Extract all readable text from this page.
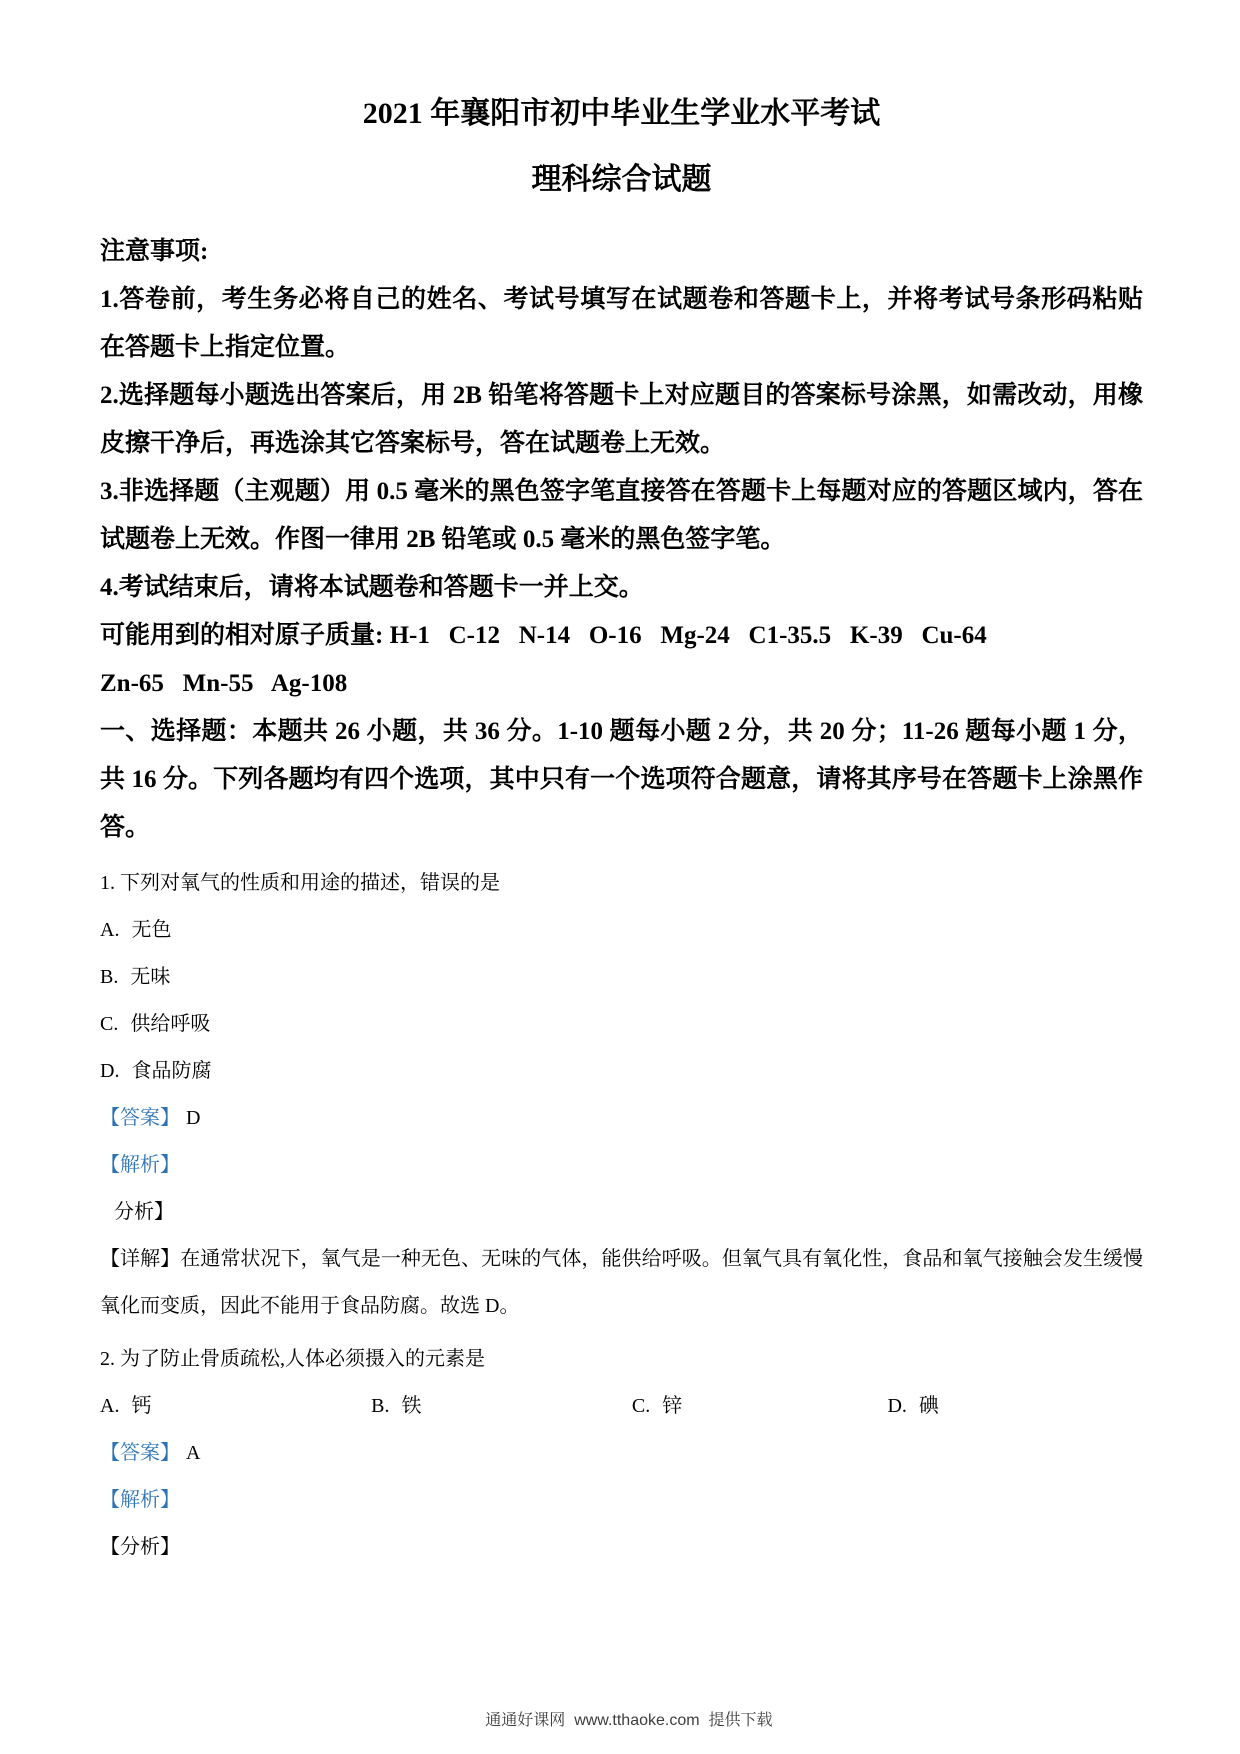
2021 年襄阳市初中毕业生学业水平考试
理科综合试题

注意事项:

1.答卷前，考生务必将自己的姓名、考试号填写在试题卷和答题卡上，并将考试号条形码粘贴在答题卡上指定位置。

2.选择题每小题选出答案后，用 2B 铅笔将答题卡上对应题目的答案标号涂黑，如需改动，用橡皮擦干净后，再选涂其它答案标号，答在试题卷上无效。

3.非选择题（主观题）用 0.5 毫米的黑色签字笔直接答在答题卡上每题对应的答题区域内，答在试题卷上无效。作图一律用 2B 铅笔或 0.5 毫米的黑色签字笔。

4.考试结束后，请将本试题卷和答题卡一并上交。

可能用到的相对原子质量: H-1   C-12   N-14   O-16   Mg-24   C1-35.5   K-39   Cu-64

Zn-65   Mn-55   Ag-108

一、选择题：本题共 26 小题，共 36 分。1-10 题每小题 2 分，共 20 分；11-26 题每小题 1 分，共 16 分。下列各题均有四个选项，其中只有一个选项符合题意，请将其序号在答题卡上涂黑作答。

1. 下列对氧气的性质和用途的描述，错误的是

A. 无色

B. 无味

C. 供给呼吸

D. 食品防腐

【答案】 D

【解析】

分析】

【详解】在通常状况下，氧气是一种无色、无味的气体，能供给呼吸。但氧气具有氧化性，食品和氧气接触会发生缓慢氧化而变质，因此不能用于食品防腐。故选 D。

2. 为了防止骨质疏松,人体必须摄入的元素是

A. 钙	B. 铁	C. 锌	D. 碘

【答案】 A

【解析】

【分析】

通通好课网  www.tthaoke.com  提供下载
